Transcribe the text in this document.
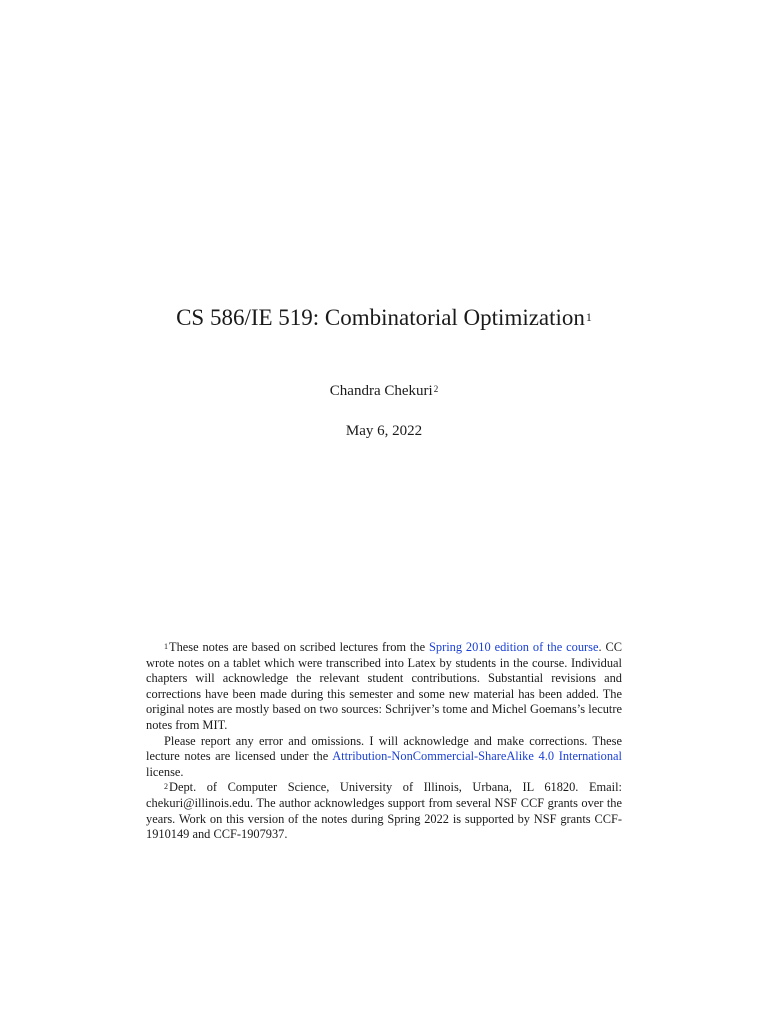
CS 586/IE 519: Combinatorial Optimization$^1$
Chandra Chekuri$^2$
May 6, 2022

$^1$These notes are based on scribed lectures from the Spring 2010 edition of the course. CC wrote notes on a tablet which were transcribed into Latex by students in the course. Individual chapters will acknowledge the relevant student contributions. Substantial revisions and corrections have been made during this semester and some new material has been added. The original notes are mostly based on two sources: Schrijver’s tome and Michel Goemans’s lecutre notes from MIT.

Please report any error and omissions. I will acknowledge and make corrections. These lecture notes are licensed under the Attribution-NonCommercial-ShareAlike 4.0 International license.

$^2$Dept. of Computer Science, University of Illinois, Urbana, IL 61820. Email: chekuri@illinois.edu. The author acknowledges support from several NSF CCF grants over the years. Work on this version of the notes during Spring 2022 is supported by NSF grants CCF-1910149 and CCF-1907937.
